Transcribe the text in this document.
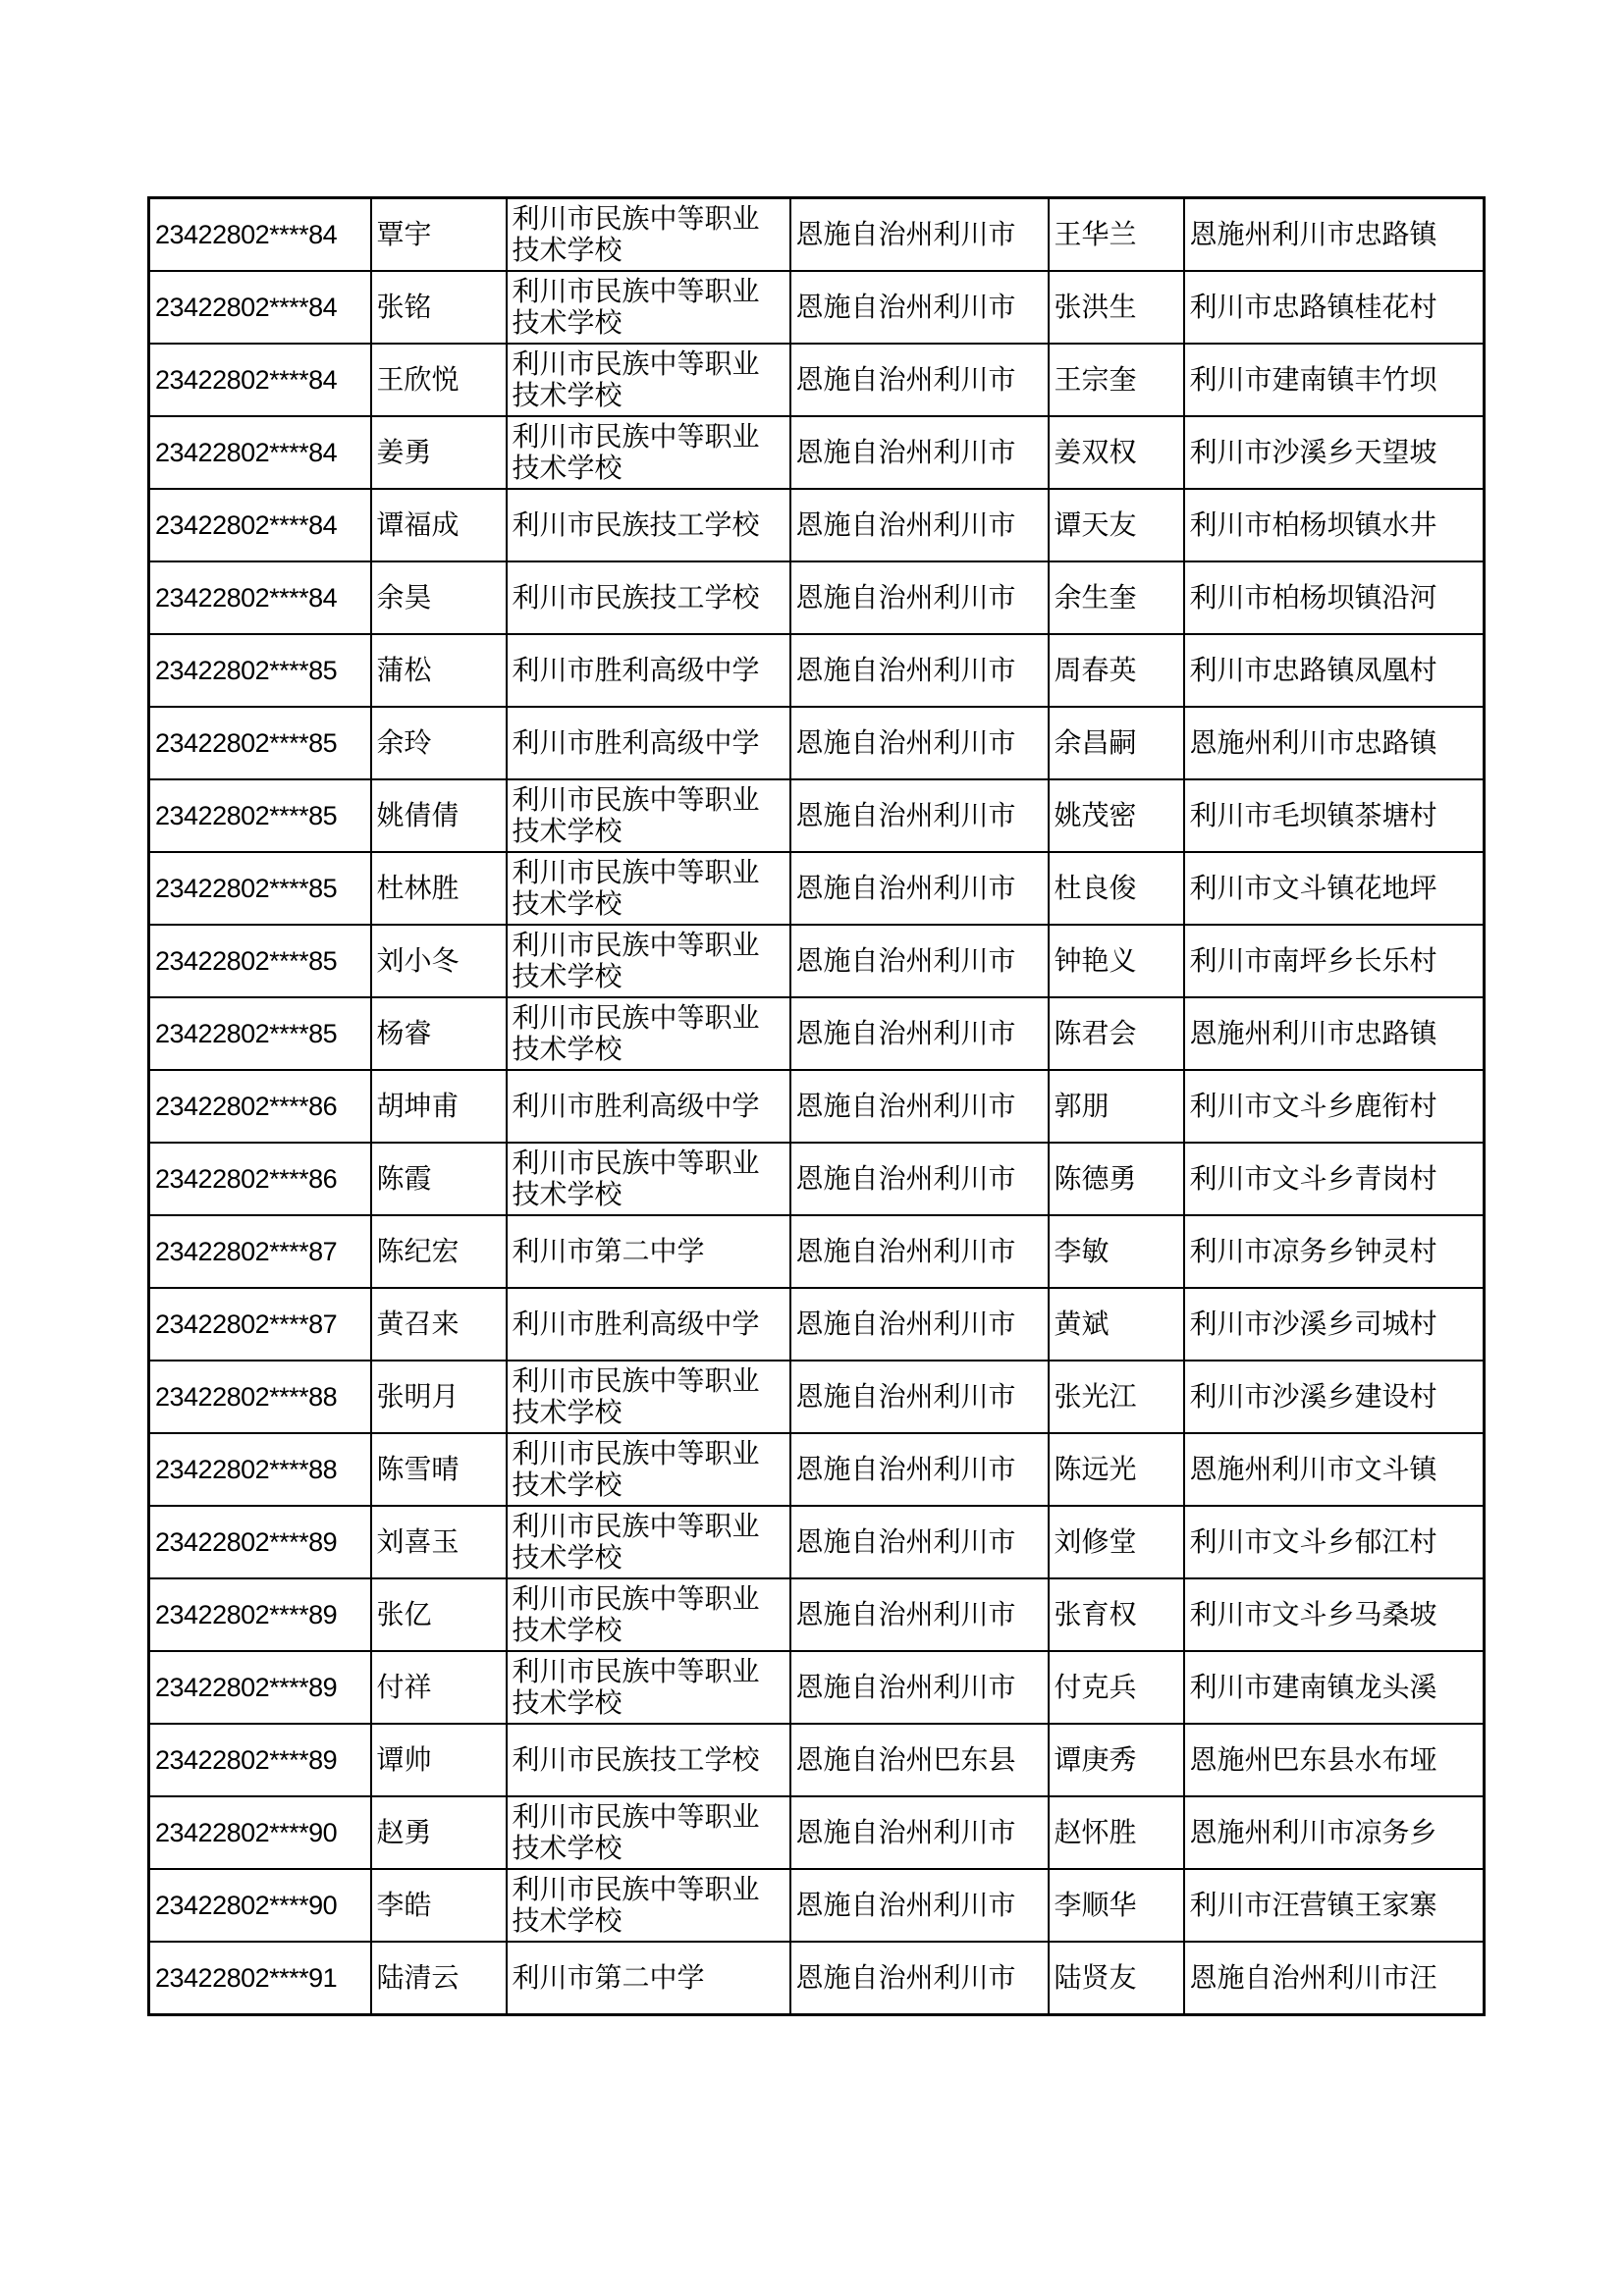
23422802****84	覃宇	利川市民族中等职业技术学校	恩施自治州利川市	王华兰	恩施州利川市忠路镇
23422802****84	张铭	利川市民族中等职业技术学校	恩施自治州利川市	张洪生	利川市忠路镇桂花村
23422802****84	王欣悦	利川市民族中等职业技术学校	恩施自治州利川市	王宗奎	利川市建南镇丰竹坝
23422802****84	姜勇	利川市民族中等职业技术学校	恩施自治州利川市	姜双权	利川市沙溪乡天望坡
23422802****84	谭福成	利川市民族技工学校	恩施自治州利川市	谭天友	利川市柏杨坝镇水井
23422802****84	余昊	利川市民族技工学校	恩施自治州利川市	余生奎	利川市柏杨坝镇沿河
23422802****85	蒲松	利川市胜利高级中学	恩施自治州利川市	周春英	利川市忠路镇凤凰村
23422802****85	余玲	利川市胜利高级中学	恩施自治州利川市	余昌嗣	恩施州利川市忠路镇
23422802****85	姚倩倩	利川市民族中等职业技术学校	恩施自治州利川市	姚茂密	利川市毛坝镇茶塘村
23422802****85	杜林胜	利川市民族中等职业技术学校	恩施自治州利川市	杜良俊	利川市文斗镇花地坪
23422802****85	刘小冬	利川市民族中等职业技术学校	恩施自治州利川市	钟艳义	利川市南坪乡长乐村
23422802****85	杨睿	利川市民族中等职业技术学校	恩施自治州利川市	陈君会	恩施州利川市忠路镇
23422802****86	胡坤甫	利川市胜利高级中学	恩施自治州利川市	郭朋	利川市文斗乡鹿衔村
23422802****86	陈霞	利川市民族中等职业技术学校	恩施自治州利川市	陈德勇	利川市文斗乡青岗村
23422802****87	陈纪宏	利川市第二中学	恩施自治州利川市	李敏	利川市凉务乡钟灵村
23422802****87	黄召来	利川市胜利高级中学	恩施自治州利川市	黄斌	利川市沙溪乡司城村
23422802****88	张明月	利川市民族中等职业技术学校	恩施自治州利川市	张光江	利川市沙溪乡建设村
23422802****88	陈雪晴	利川市民族中等职业技术学校	恩施自治州利川市	陈远光	恩施州利川市文斗镇
23422802****89	刘喜玉	利川市民族中等职业技术学校	恩施自治州利川市	刘修堂	利川市文斗乡郁江村
23422802****89	张亿	利川市民族中等职业技术学校	恩施自治州利川市	张育权	利川市文斗乡马桑坡
23422802****89	付祥	利川市民族中等职业技术学校	恩施自治州利川市	付克兵	利川市建南镇龙头溪
23422802****89	谭帅	利川市民族技工学校	恩施自治州巴东县	谭庚秀	恩施州巴东县水布垭
23422802****90	赵勇	利川市民族中等职业技术学校	恩施自治州利川市	赵怀胜	恩施州利川市凉务乡
23422802****90	李皓	利川市民族中等职业技术学校	恩施自治州利川市	李顺华	利川市汪营镇王家寨
23422802****91	陆清云	利川市第二中学	恩施自治州利川市	陆贤友	恩施自治州利川市汪
